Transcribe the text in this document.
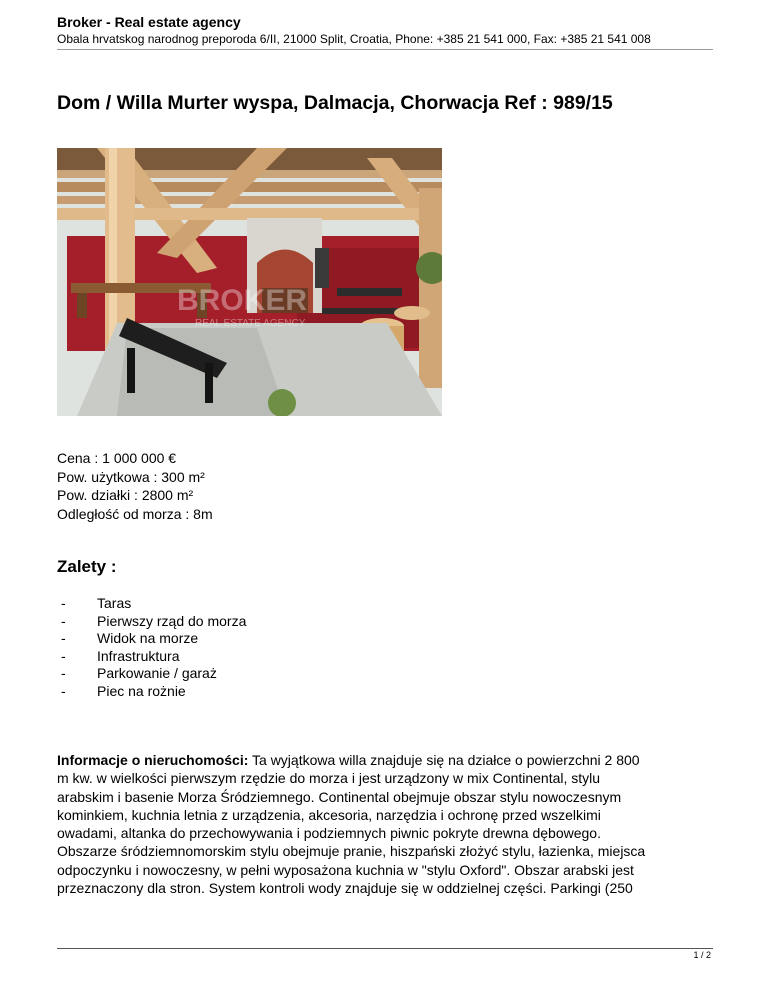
Broker - Real estate agency
Obala hrvatskog narodnog preporoda 6/II, 21000 Split, Croatia, Phone: +385 21 541 000, Fax: +385 21 541 008
Dom / Willa Murter wyspa, Dalmacja, Chorwacja Ref : 989/15
BROKER
REAL ESTATE AGENCY
Cena : 1 000 000 €
Pow. użytkowa : 300 m²
Pow. działki : 2800 m²
Odległość od morza : 8m
Zalety :
- Taras
- Pierwszy rząd do morza
- Widok na morze
- Infrastruktura
- Parkowanie / garaż
- Piec na rożnie
Informacje o nieruchomości: Ta wyjątkowa willa znajduje się na działce o powierzchni 2 800
m kw. w wielkości pierwszym rzędzie do morza i jest urządzony w mix Continental, stylu
arabskim i basenie Morza Śródziemnego. Continental obejmuje obszar stylu nowoczesnym
kominkiem, kuchnia letnia z urządzenia, akcesoria, narzędzia i ochronę przed wszelkimi
owadami, altanka do przechowywania i podziemnych piwnic pokryte drewna dębowego.
Obszarze śródziemnomorskim stylu obejmuje pranie, hiszpański złożyć stylu, łazienka, miejsca
odpoczynku i nowoczesny, w pełni wyposażona kuchnia w "stylu Oxford". Obszar arabski jest
przeznaczony dla stron. System kontroli wody znajduje się w oddzielnej części. Parkingi (250
1 / 2
